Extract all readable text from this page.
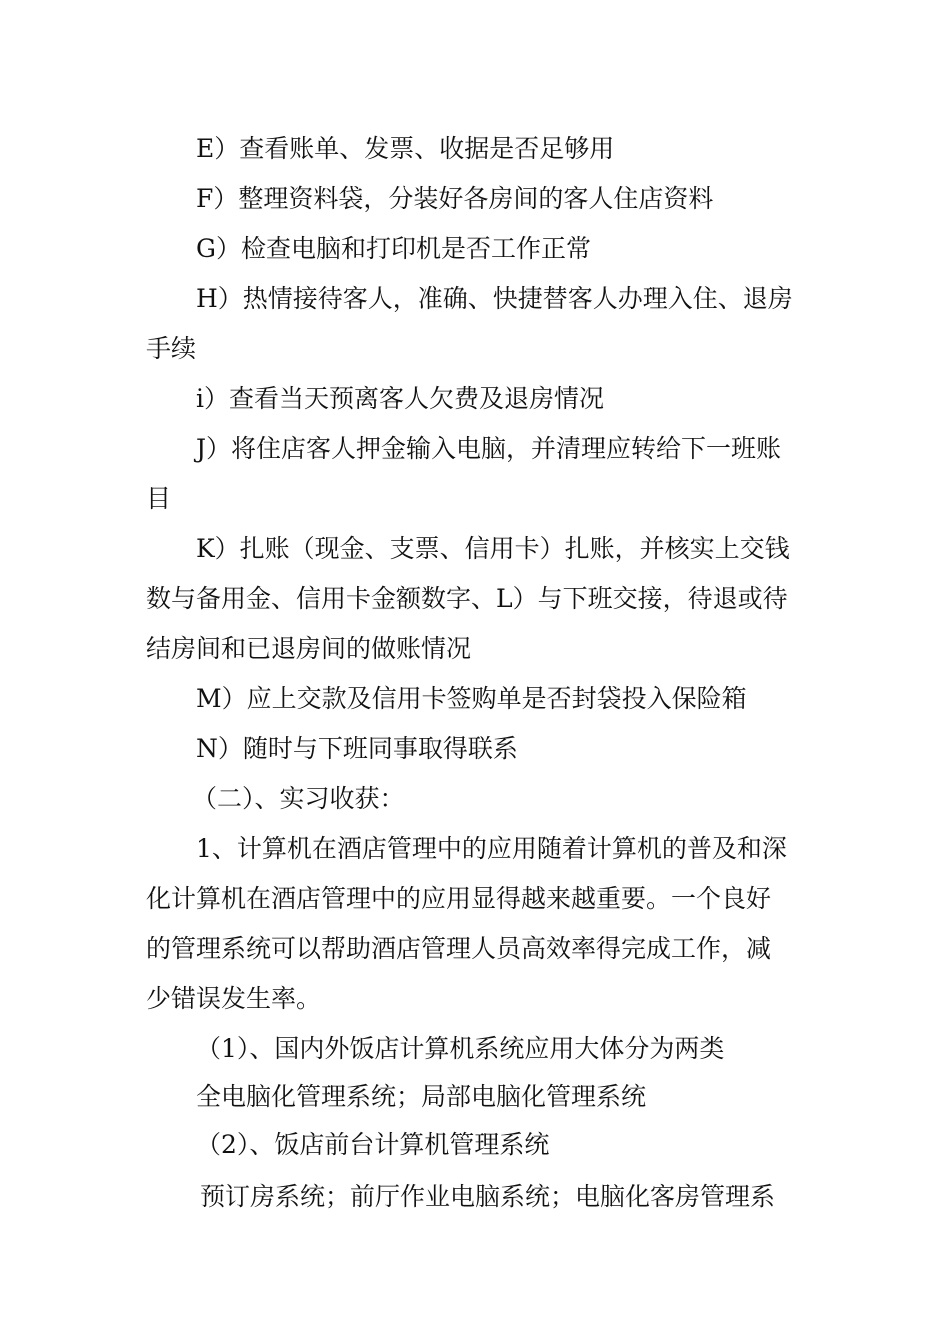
E）查看账单、发票、收据是否足够用
F）整理资料袋，分装好各房间的客人住店资料
G）检查电脑和打印机是否工作正常
H）热情接待客人，准确、快捷替客人办理入住、退房
手续
i）查看当天预离客人欠费及退房情况
J）将住店客人押金输入电脑，并清理应转给下一班账
目
K）扎账（现金、支票、信用卡）扎账，并核实上交钱
数与备用金、信用卡金额数字、L）与下班交接，待退或待
结房间和已退房间的做账情况
M）应上交款及信用卡签购单是否封袋投入保险箱
N）随时与下班同事取得联系
（二）、实习收获：
1、计算机在酒店管理中的应用随着计算机的普及和深
化计算机在酒店管理中的应用显得越来越重要。一个良好
的管理系统可以帮助酒店管理人员高效率得完成工作，减
少错误发生率。
（1）、国内外饭店计算机系统应用大体分为两类
全电脑化管理系统；局部电脑化管理系统
（2）、饭店前台计算机管理系统
预订房系统；前厅作业电脑系统；电脑化客房管理系
